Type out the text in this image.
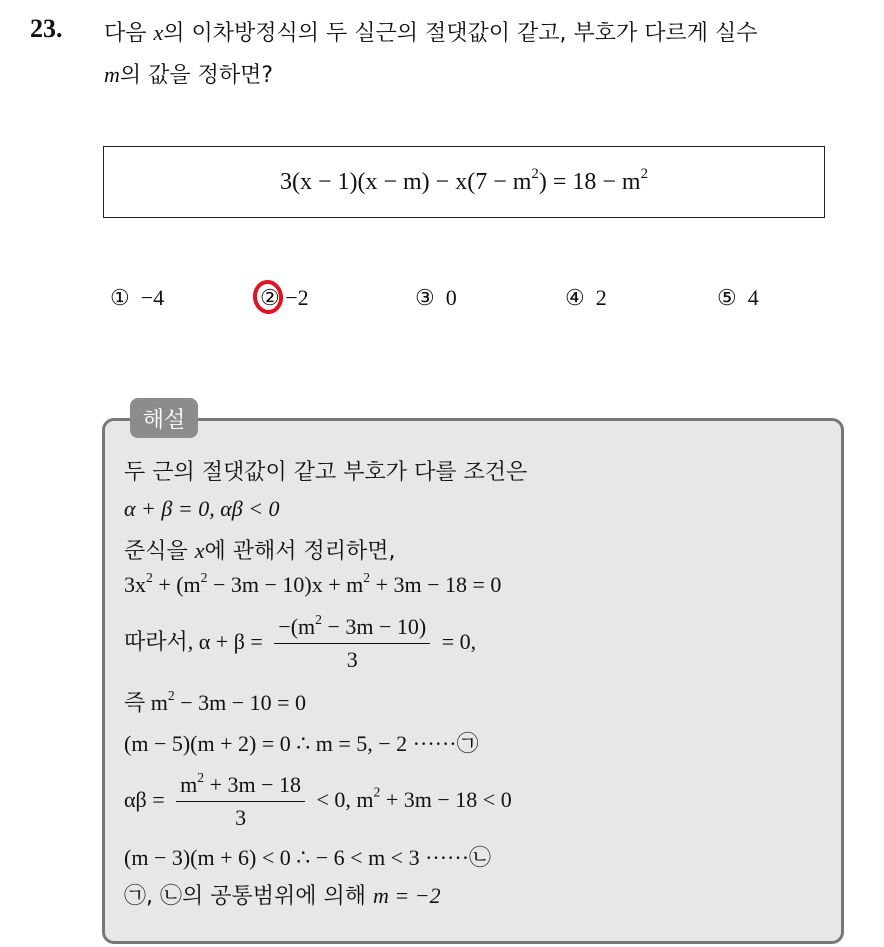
23. 다음 x의 이차방정식의 두 실근의 절댓값이 같고, 부호가 다르게 실수
m의 값을 정하면?
$3(x - 1)(x - m) - x(7 - m^2) = 18 - m^2$
① −4	② −2	③ 0	④ 2	⑤ 4
해설
두 근의 절댓값이 같고 부호가 다를 조건은
α + β = 0, αβ < 0
준식을 x에 관해서 정리하면,
$3x^2 + (m^2 - 3m - 10)x + m^2 + 3m - 18 = 0$
따라서, $\alpha + \beta = \frac{-(m^2 - 3m - 10)}{3} = 0$,
즉 $m^2 - 3m - 10 = 0$
(m − 5)(m + 2) = 0 ∴ m = 5, − 2 ······㉠
$\alpha\beta = \frac{m^2 + 3m - 18}{3} < 0$, $m^2 + 3m - 18 < 0$
(m − 3)(m + 6) < 0 ∴ − 6 < m < 3 ······㉡
㉠, ㉡의 공통범위에 의해 m = −2
